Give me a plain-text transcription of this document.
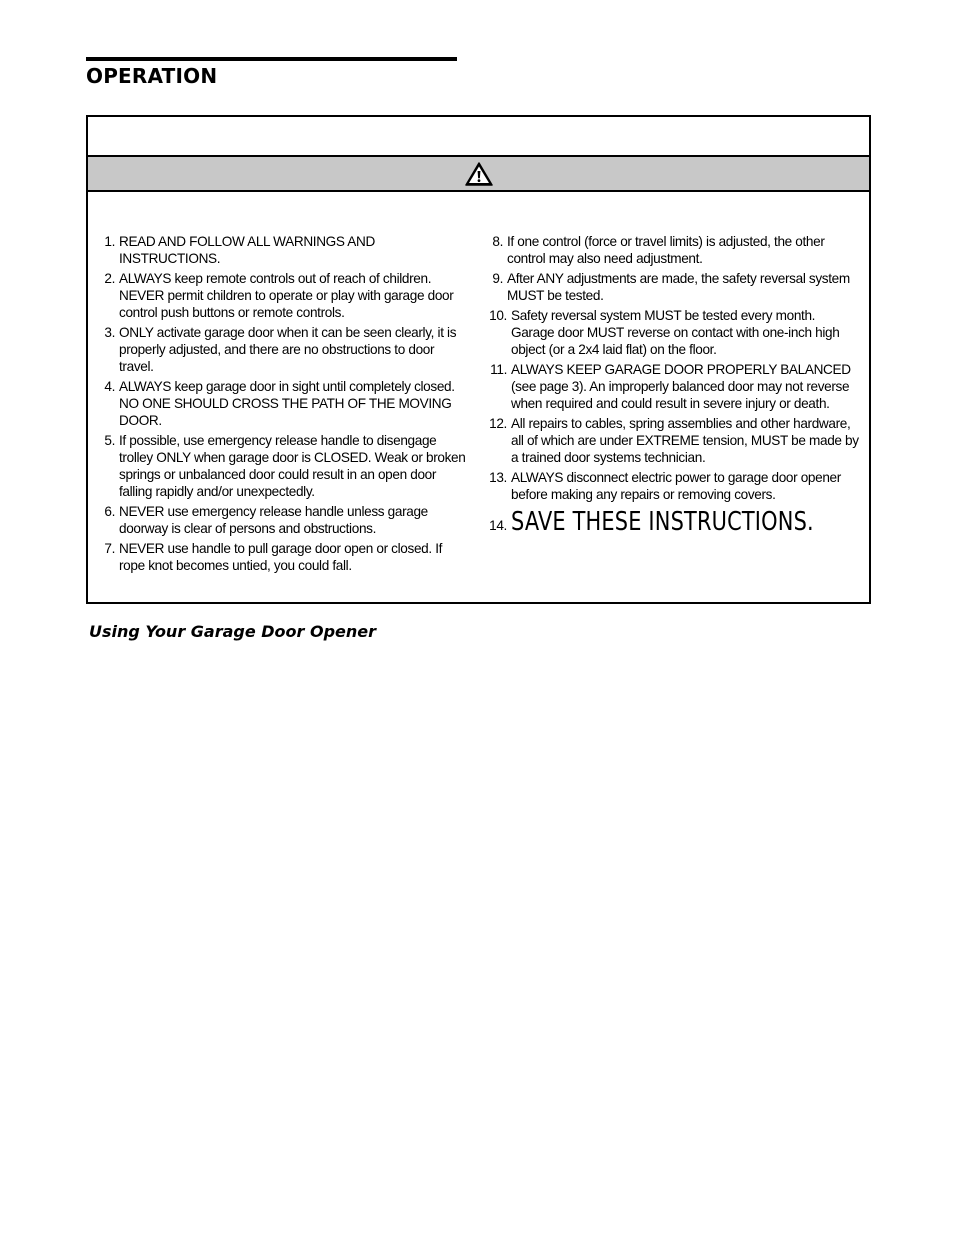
OPERATION
1. READ AND FOLLOW ALL WARNINGS AND INSTRUCTIONS.
2. ALWAYS keep remote controls out of reach of children. NEVER permit children to operate or play with garage door control push buttons or remote controls.
3. ONLY activate garage door when it can be seen clearly, it is properly adjusted, and there are no obstructions to door travel.
4. ALWAYS keep garage door in sight until completely closed. NO ONE SHOULD CROSS THE PATH OF THE MOVING DOOR.
5. If possible, use emergency release handle to disengage trolley ONLY when garage door is CLOSED. Weak or broken springs or unbalanced door could result in an open door falling rapidly and/or unexpectedly.
6. NEVER use emergency release handle unless garage doorway is clear of persons and obstructions.
7. NEVER use handle to pull garage door open or closed. If rope knot becomes untied, you could fall.
8. If one control (force or travel limits) is adjusted, the other control may also need adjustment.
9. After ANY adjustments are made, the safety reversal system MUST be tested.
10. Safety reversal system MUST be tested every month. Garage door MUST reverse on contact with one-inch high object (or a 2x4 laid flat) on the floor.
11. ALWAYS KEEP GARAGE DOOR PROPERLY BALANCED (see page 3). An improperly balanced door may not reverse when required and could result in severe injury or death.
12. All repairs to cables, spring assemblies and other hardware, all of which are under EXTREME tension, MUST be made by a trained door systems technician.
13. ALWAYS disconnect electric power to garage door opener before making any repairs or removing covers.
14. SAVE THESE INSTRUCTIONS.
Using Your Garage Door Opener
